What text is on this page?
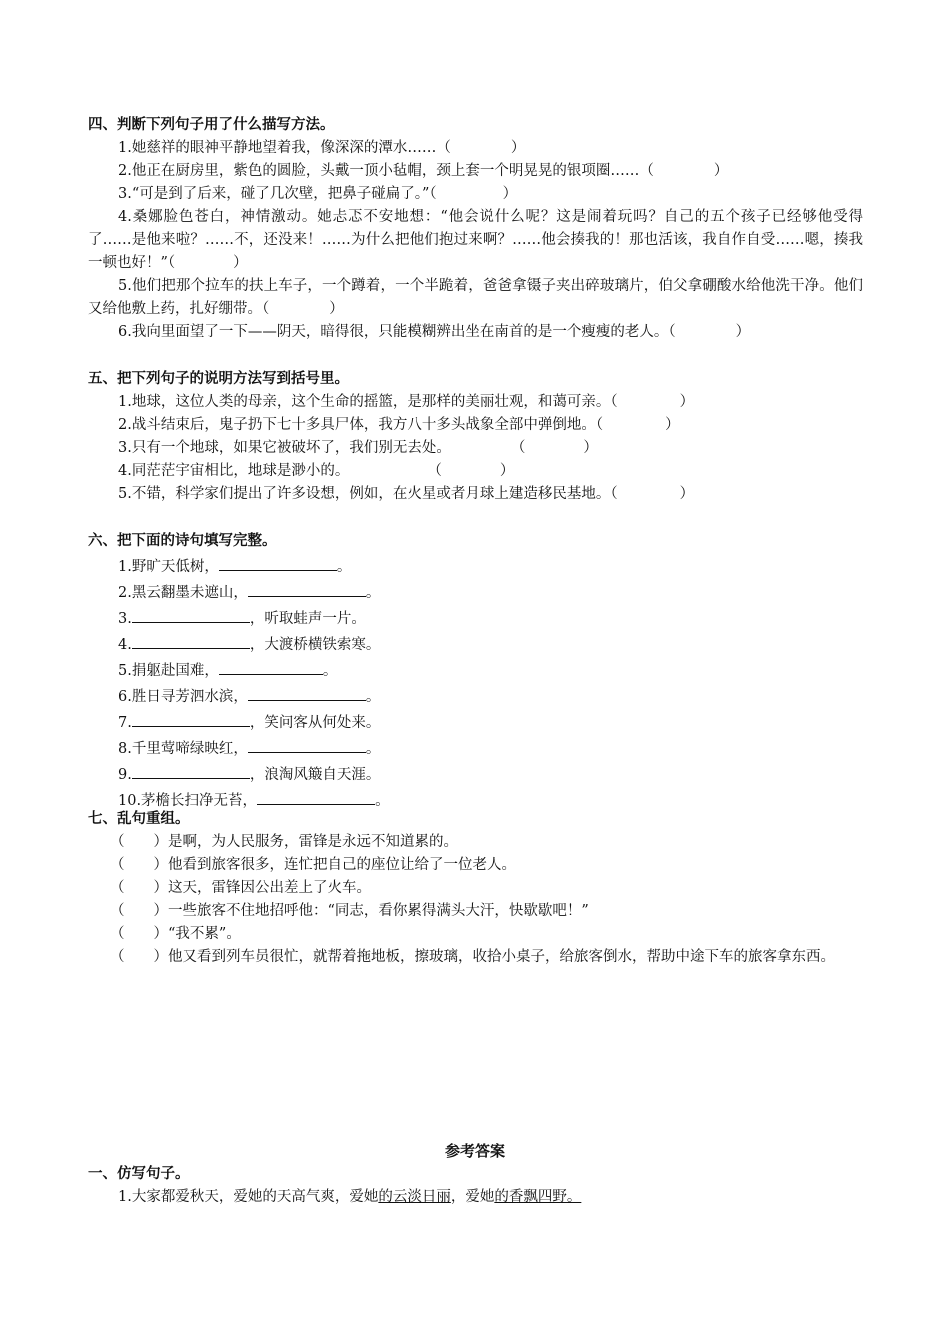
四、判断下列句子用了什么描写方法。
1.她慈祥的眼神平静地望着我，像深深的潭水……（	）
2.他正在厨房里，紫色的圆脸，头戴一顶小毡帽，颈上套一个明晃晃的银项圈……（	）
3.“可是到了后来，碰了几次壁，把鼻子碰扁了。”（	）
4.桑娜脸色苍白，神情激动。她忐忑不安地想：“他会说什么呢？这是闹着玩吗？自己的五个孩子已经够他受得了……是他来啦？……不，还没来！……为什么把他们抱过来啊？……他会揍我的！那也活该，我自作自受……嗯，揍我一顿也好！”（	）
5.他们把那个拉车的扶上车子，一个蹲着，一个半跪着，爸爸拿镊子夹出碎玻璃片，伯父拿硼酸水给他洗干净。他们又给他敷上药，扎好绷带。（	）
6.我向里面望了一下——阴天，暗得很，只能模糊辨出坐在南首的是一个瘦瘦的老人。（	）
五、把下列句子的说明方法写到括号里。
1.地球，这位人类的母亲，这个生命的摇篮，是那样的美丽壮观，和蔼可亲。（	）
2.战斗结束后，鬼子扔下七十多具尸体，我方八十多头战象全部中弹倒地。（	）
3.只有一个地球，如果它被破坏了，我们别无去处。	（	）
4.同茫茫宇宙相比，地球是渺小的。	（	）
5.不错，科学家们提出了许多设想，例如，在火星或者月球上建造移民基地。（	）
六、把下面的诗句填写完整。
1.野旷天低树，	。
2.黑云翻墨未遮山，	。
3.	，听取蛙声一片。
4.	，大渡桥横铁索寒。
5.捐躯赴国难，	。
6.胜日寻芳泗水滨，	。
7.	，笑问客从何处来。
8.千里莺啼绿映红，	。
9.	，浪淘风簸自天涯。
10.茅檐长扫净无苔，	。
七、乱句重组。
（　　）是啊，为人民服务，雷锋是永远不知道累的。
（　　）他看到旅客很多，连忙把自己的座位让给了一位老人。
（　　）这天，雷锋因公出差上了火车。
（　　）一些旅客不住地招呼他：“同志，看你累得满头大汗，快歇歇吧！”
（　　）“我不累”。
（　　）他又看到列车员很忙，就帮着拖地板，擦玻璃，收拾小桌子，给旅客倒水，帮助中途下车的旅客拿东西。
参考答案
一、仿写句子。
1.大家都爱秋天，爱她的天高气爽，爱她的云淡日丽，爱她的香飘四野。
